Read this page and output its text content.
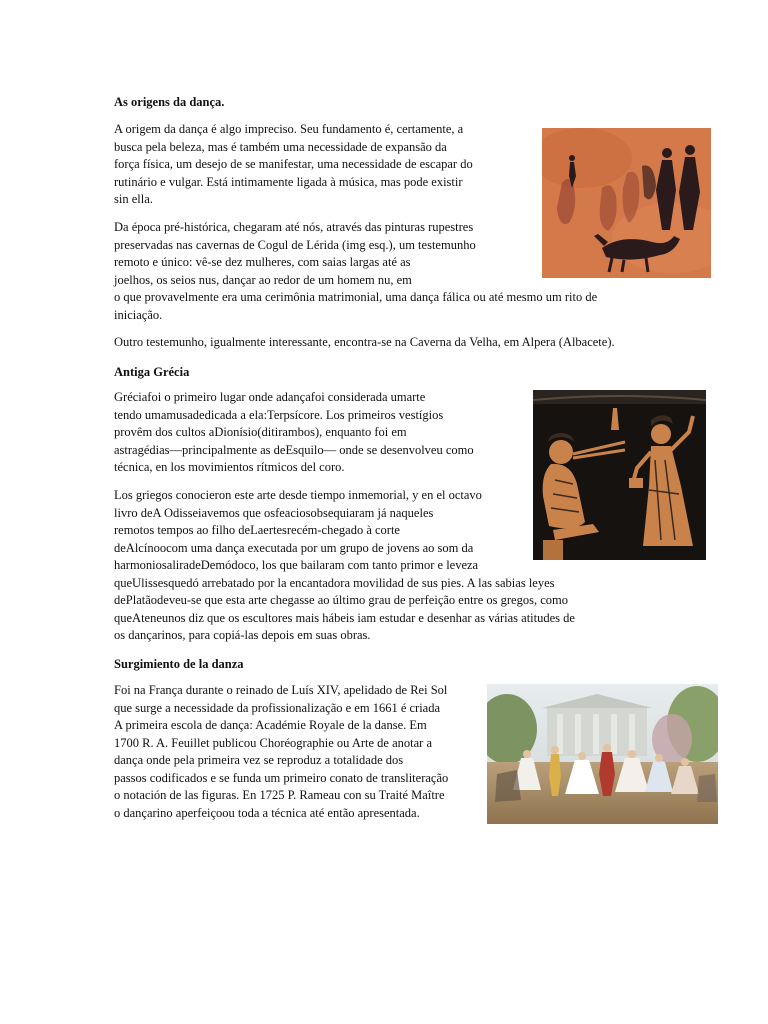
As origens da dança.
A origem da dança é algo impreciso. Seu fundamento é, certamente, a
busca pela beleza, mas é também uma necessidade de expansão da
força física, um desejo de se manifestar, uma necessidade de escapar do
rutinário e vulgar. Está intimamente ligada à música, mas pode existir
sin ella.
Da época pré-histórica, chegaram até nós, através das pinturas rupestres
preservadas nas cavernas de Cogul de Lérida (img esq.), um testemunho
remoto e único: vê-se dez mulheres, com saias largas até as
joelhos, os seios nus, dançar ao redor de um homem nu, em
o que provavelmente era uma cerimônia matrimonial, uma dança fálica ou até mesmo um rito de
iniciação.
Outro testemunho, igualmente interessante, encontra-se na Caverna da Velha, em Alpera (Albacete).
Antiga Grécia
Gréciafoi o primeiro lugar onde adançafoi considerada umarte
tendo umamusadedicada a ela:Terpsícore. Los primeiros vestígios
provêm dos cultos aDionísio(ditirambos), enquanto foi em
astragédias—principalmente as deEsquilo— onde se desenvolveu como
técnica, en los movimientos rítmicos del coro.
Los griegos conocieron este arte desde tiempo inmemorial, y en el octavo
livro deA Odisseiavemos que osfeaciosobsequiaram já naqueles
remotos tempos ao filho deLaertesrecém-chegado à corte
deAlcínoocom uma dança executada por um grupo de jovens ao som da
harmoniosaliradeDemódoco, los que bailaram com tanto primor e leveza
queUlissesquedó arrebatado por la encantadora movilidad de sus pies. A las sabias leyes
dePlatãodeveu-se que esta arte chegasse ao último grau de perfeição entre os gregos, como
queAteneunos diz que os escultores mais hábeis iam estudar e desenhar as várias atitudes de
os dançarinos, para copiá-las depois em suas obras.
Surgimiento de la danza
Foi na França durante o reinado de Luís XIV, apelidado de Rei Sol
que surge a necessidade da profissionalização e em 1661 é criada
A primeira escola de dança: Académie Royale de la danse. Em
1700 R. A. Feuillet publicou Choréographie ou Arte de anotar a
dança onde pela primeira vez se reproduz a totalidade dos
passos codificados e se funda um primeiro conato de transliteração
o notación de las figuras. En 1725 P. Rameau con su Traité Maître
o dançarino aperfeiçoou toda a técnica até então apresentada.
